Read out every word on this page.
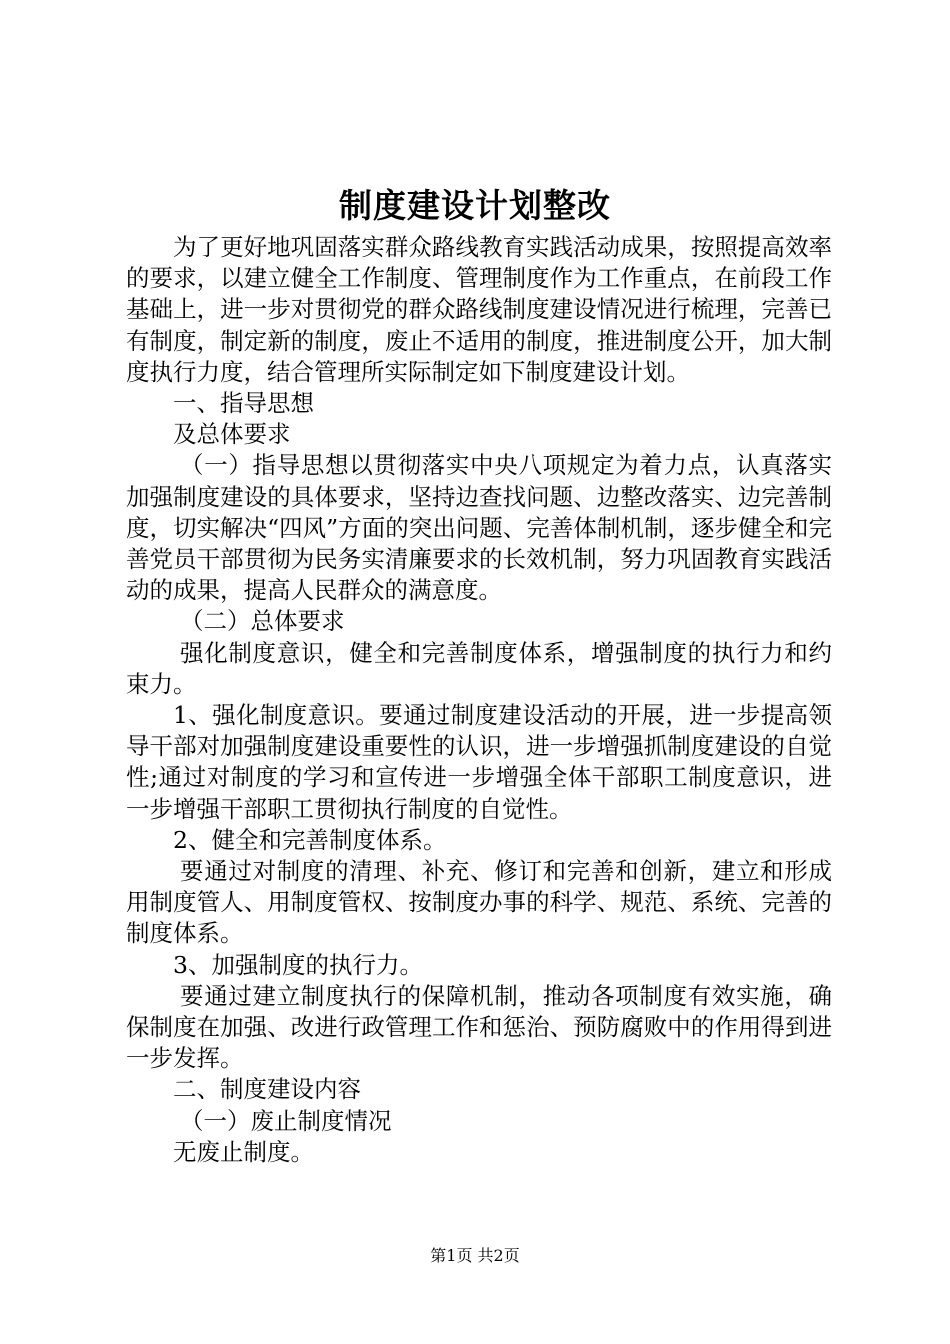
制度建设计划整改

为了更好地巩固落实群众路线教育实践活动成果，按照提高效率的要求，以建立健全工作制度、管理制度作为工作重点，在前段工作基础上，进一步对贯彻党的群众路线制度建设情况进行梳理，完善已有制度，制定新的制度，废止不适用的制度，推进制度公开，加大制度执行力度，结合管理所实际制定如下制度建设计划。

一、指导思想

及总体要求

（一）指导思想以贯彻落实中央八项规定为着力点，认真落实加强制度建设的具体要求，坚持边查找问题、边整改落实、边完善制度，切实解决“四风”方面的突出问题、完善体制机制，逐步健全和完善党员干部贯彻为民务实清廉要求的长效机制，努力巩固教育实践活动的成果，提高人民群众的满意度。

（二）总体要求

强化制度意识，健全和完善制度体系，增强制度的执行力和约束力。

1、强化制度意识。要通过制度建设活动的开展，进一步提高领导干部对加强制度建设重要性的认识，进一步增强抓制度建设的自觉性;通过对制度的学习和宣传进一步增强全体干部职工制度意识，进一步增强干部职工贯彻执行制度的自觉性。

2、健全和完善制度体系。

要通过对制度的清理、补充、修订和完善和创新，建立和形成用制度管人、用制度管权、按制度办事的科学、规范、系统、完善的制度体系。

3、加强制度的执行力。

要通过建立制度执行的保障机制，推动各项制度有效实施，确保制度在加强、改进行政管理工作和惩治、预防腐败中的作用得到进一步发挥。

二、制度建设内容

（一）废止制度情况

无废止制度。

第1页 共2页
